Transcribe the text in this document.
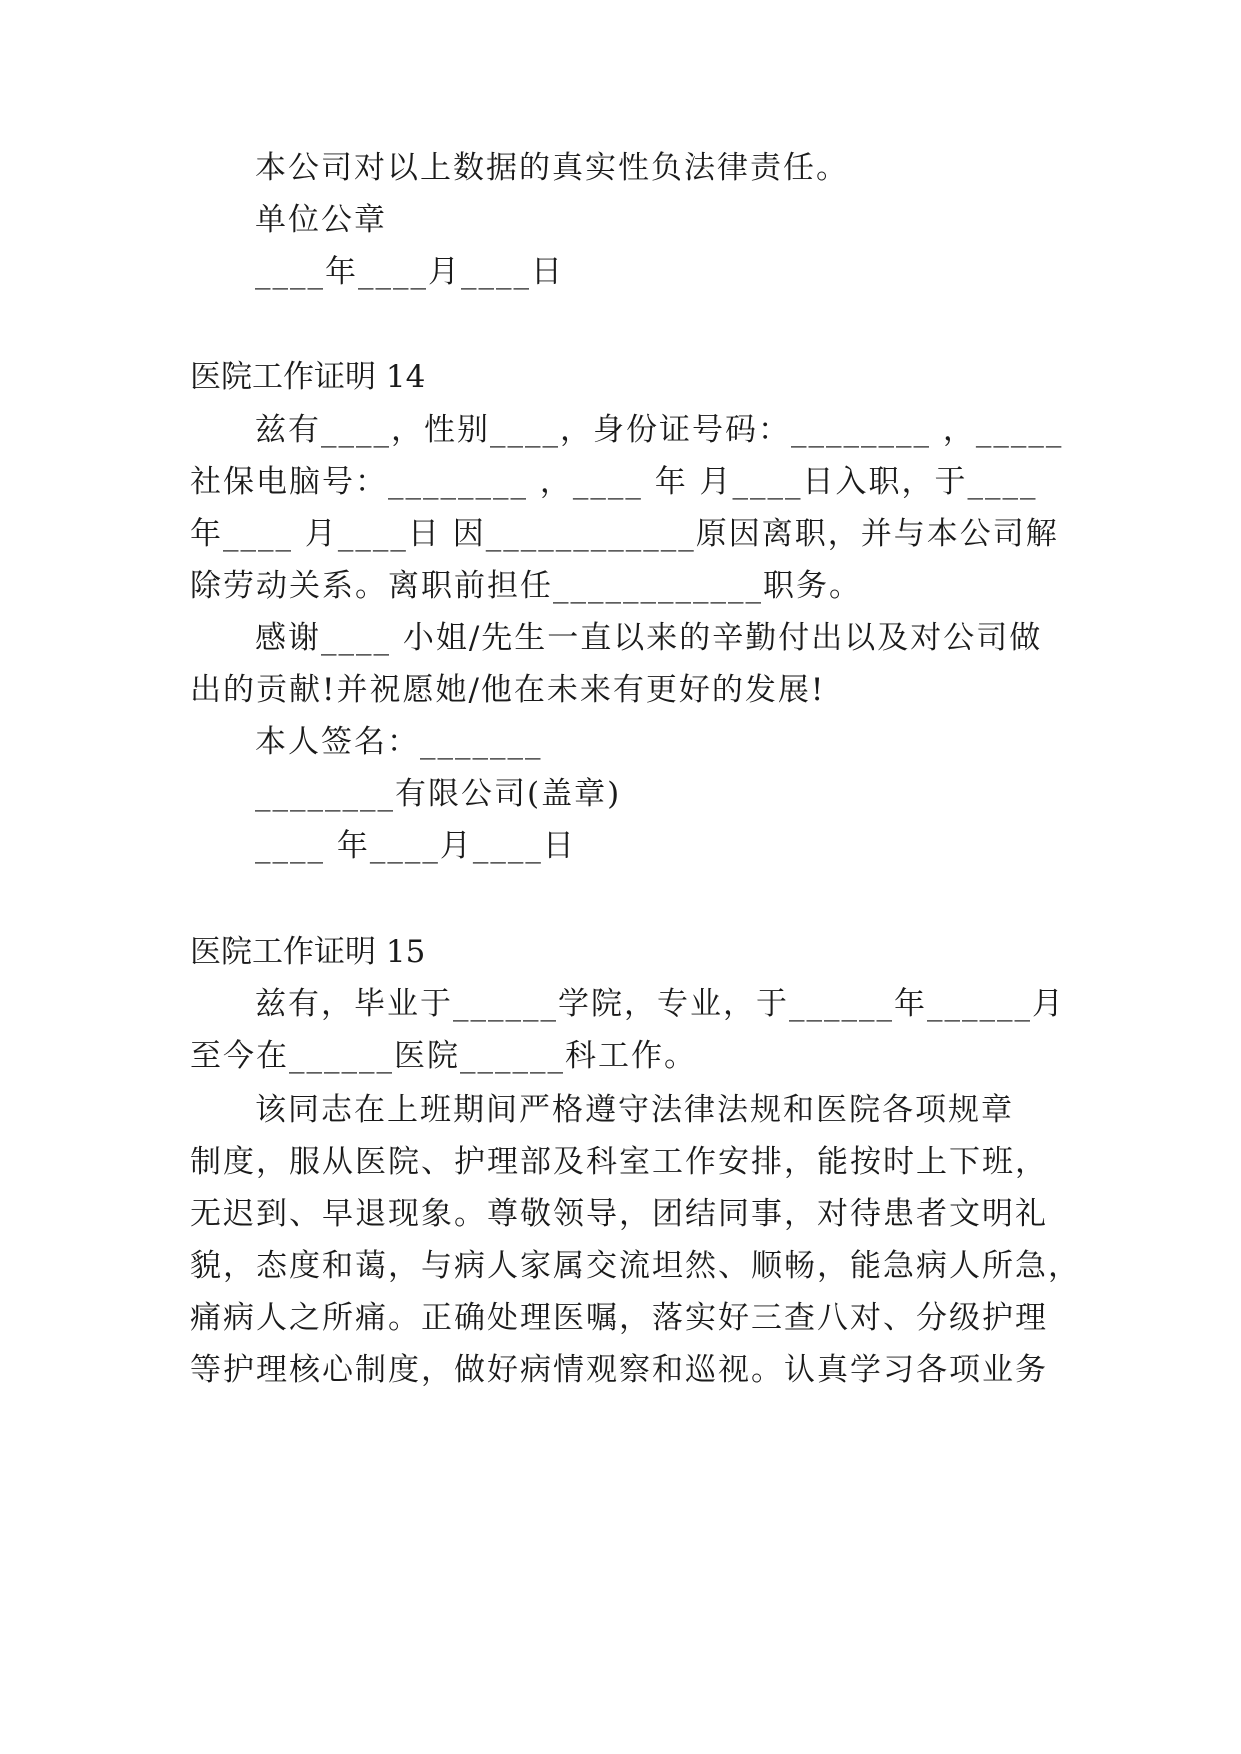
本公司对以上数据的真实性负法律责任。
单位公章
____年____月____日
医院工作证明 14
兹有____，性别____，身份证号码：________ ，_____
社保电脑号：________ ，____ 年 月____日入职，于____
年____ 月____日 因____________原因离职，并与本公司解
除劳动关系。离职前担任____________职务。
感谢____ 小姐/先生一直以来的辛勤付出以及对公司做
出的贡献!并祝愿她/他在未来有更好的发展!
本人签名：_______
________有限公司(盖章)
____ 年____月____日
医院工作证明 15
兹有，毕业于______学院，专业，于______年______月
至今在______医院______科工作。
该同志在上班期间严格遵守法律法规和医院各项规章
制度，服从医院、护理部及科室工作安排，能按时上下班，
无迟到、早退现象。尊敬领导，团结同事，对待患者文明礼
貌，态度和蔼，与病人家属交流坦然、顺畅，能急病人所急，
痛病人之所痛。正确处理医嘱，落实好三查八对、分级护理
等护理核心制度，做好病情观察和巡视。认真学习各项业务
